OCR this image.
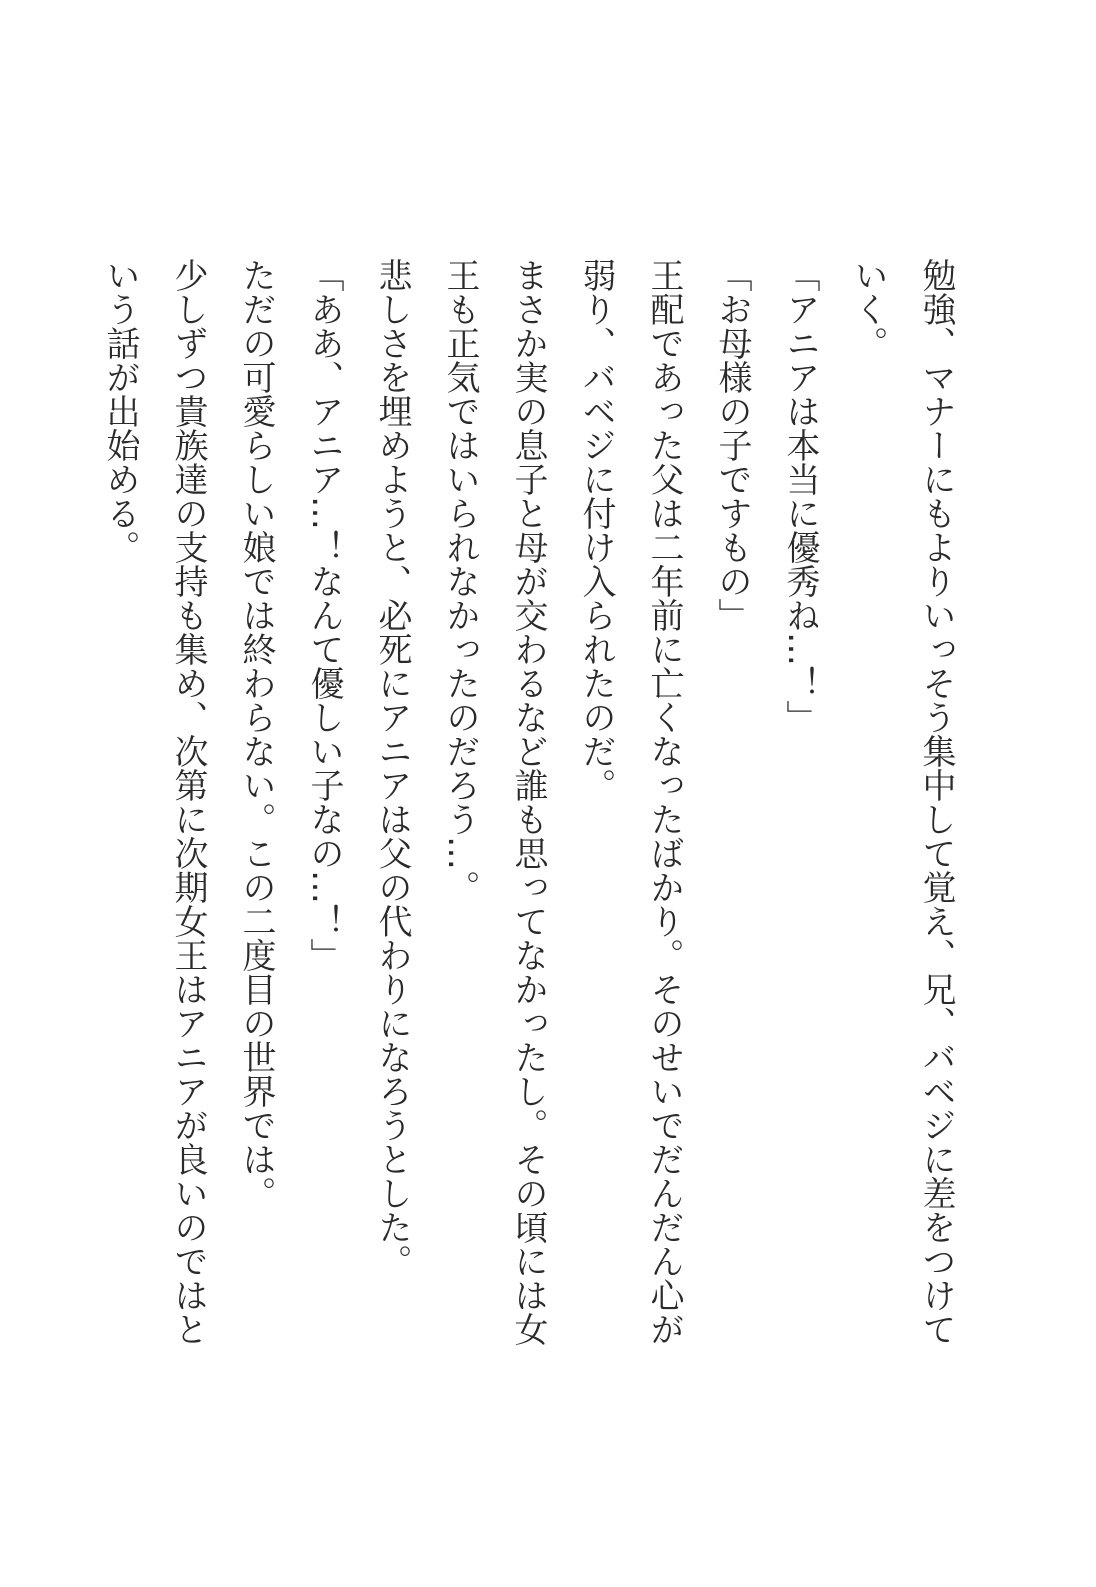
勉強、マナーにもよりいっそう集中して覚え、兄、バベジに差をつけていく。

「アニアは本当に優秀ね…！」

「お母様の子ですもの」

王配であった父は二年前に亡くなったばかり。そのせいでだんだん心が弱り、バベジに付け入られたのだ。

まさか実の息子と母が交わるなど誰も思ってなかったし。その頃には女王も正気ではいられなかったのだろう…。

悲しさを埋めようと、必死にアニアは父の代わりになろうとした。

「ああ、アニア…！なんて優しい子なの…！」

ただの可愛らしい娘では終わらない。この二度目の世界では。

少しずつ貴族達の支持も集め、次第に次期女王はアニアが良いのではという話が出始める。
